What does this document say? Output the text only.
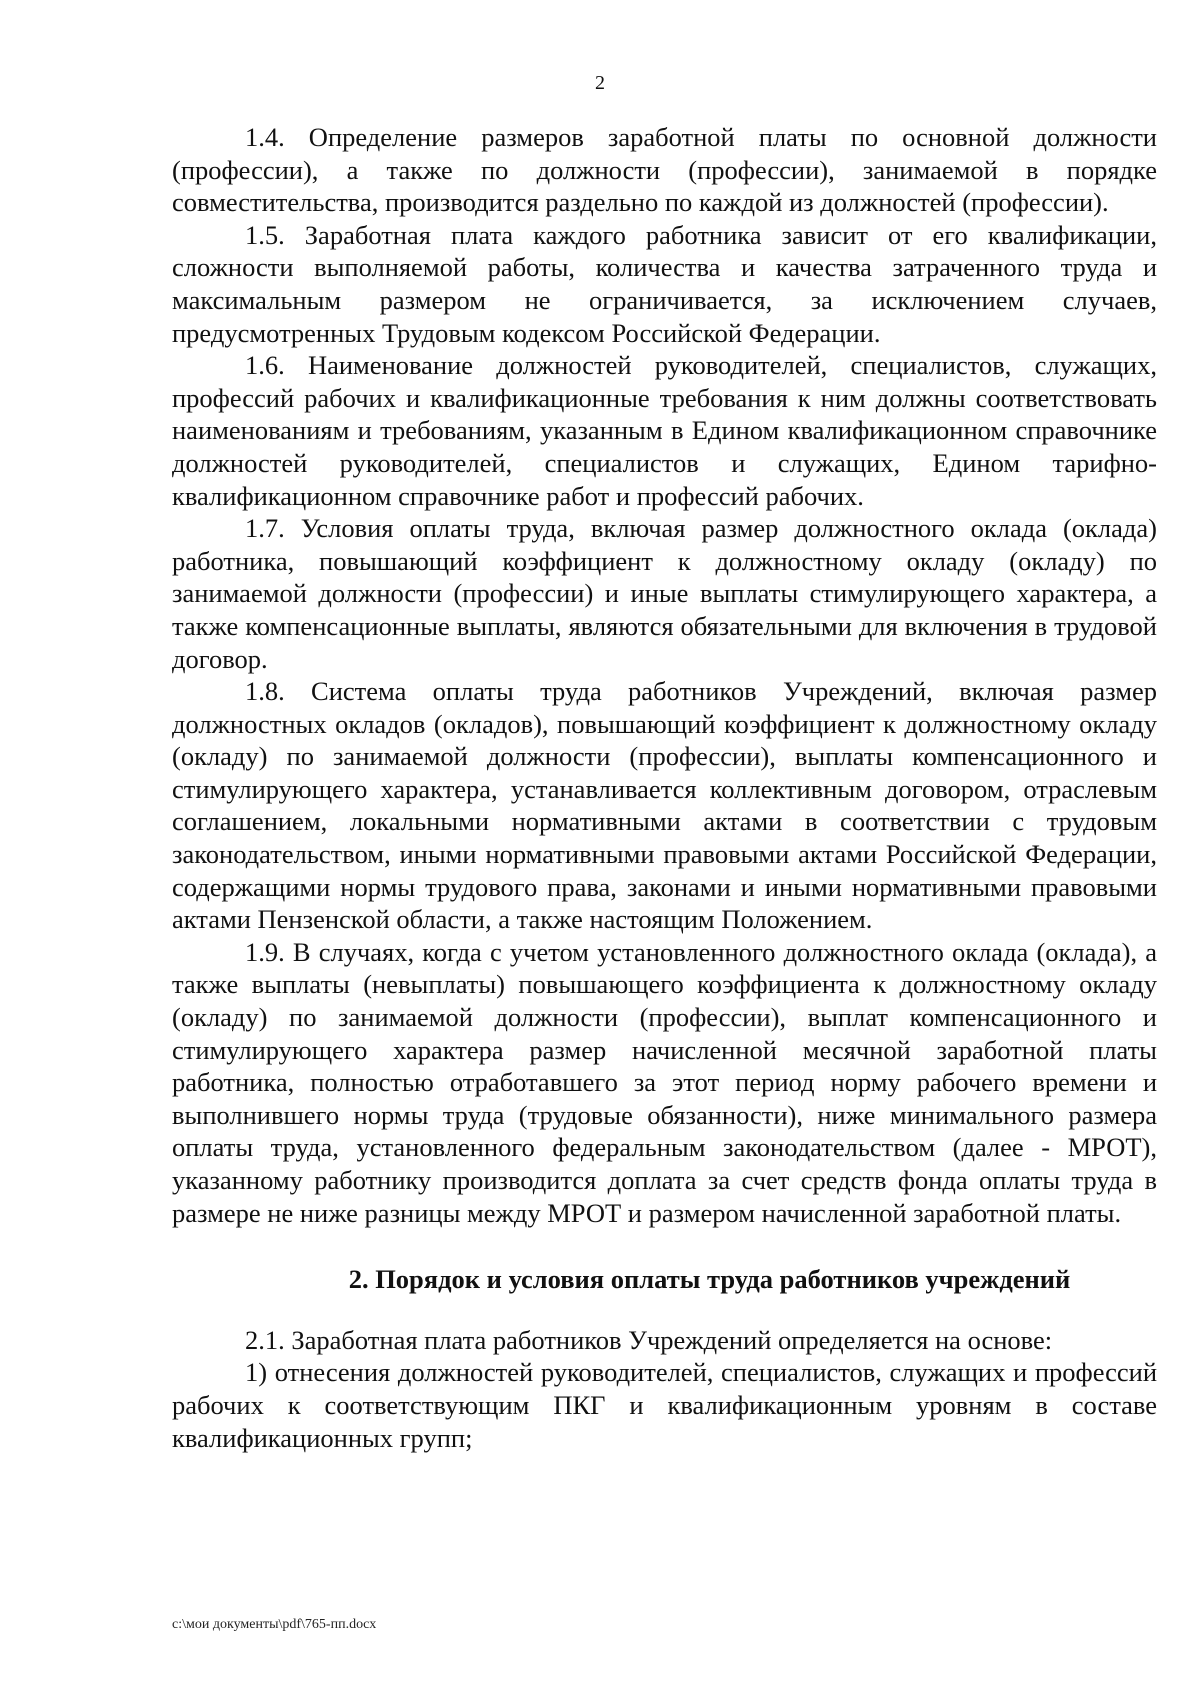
2

1.4. Определение размеров заработной платы по основной должности (профессии), а также по должности (профессии), занимаемой в порядке совместительства, производится раздельно по каждой из должностей (профессии).

1.5. Заработная плата каждого работника зависит от его квалификации, сложности выполняемой работы, количества и качества затраченного труда и максимальным размером не ограничивается, за исключением случаев, предусмотренных Трудовым кодексом Российской Федерации.

1.6. Наименование должностей руководителей, специалистов, служащих, профессий рабочих и квалификационные требования к ним должны соответствовать наименованиям и требованиям, указанным в Едином квалификационном справочнике должностей руководителей, специалистов и служащих, Едином тарифно-квалификационном справочнике работ и профессий рабочих.

1.7. Условия оплаты труда, включая размер должностного оклада (оклада) работника, повышающий коэффициент к должностному окладу (окладу) по занимаемой должности (профессии) и иные выплаты стимулирующего характера, а также компенсационные выплаты, являются обязательными для включения в трудовой договор.

1.8. Система оплаты труда работников Учреждений, включая размер должностных окладов (окладов), повышающий коэффициент к должностному окладу (окладу) по занимаемой должности (профессии), выплаты компенсационного и стимулирующего характера, устанавливается коллективным договором, отраслевым соглашением, локальными нормативными актами в соответствии с трудовым законодательством, иными нормативными правовыми актами Российской Федерации, содержащими нормы трудового права, законами и иными нормативными правовыми актами Пензенской области, а также настоящим Положением.

1.9. В случаях, когда с учетом установленного должностного оклада (оклада), а также выплаты (невыплаты) повышающего коэффициента к должностному окладу (окладу) по занимаемой должности (профессии), выплат компенсационного и стимулирующего характера размер начисленной месячной заработной платы работника, полностью отработавшего за этот период норму рабочего времени и выполнившего нормы труда (трудовые обязанности), ниже минимального размера оплаты труда, установленного федеральным законодательством (далее - МРОТ), указанному работнику производится доплата за счет средств фонда оплаты труда в размере не ниже разницы между МРОТ и размером начисленной заработной платы.

2. Порядок и условия оплаты труда работников учреждений

2.1. Заработная плата работников Учреждений определяется на основе:

1) отнесения должностей руководителей, специалистов, служащих и профессий рабочих к соответствующим ПКГ и квалификационным уровням в составе квалификационных групп;

c:\мои документы\pdf\765-пп.docx
